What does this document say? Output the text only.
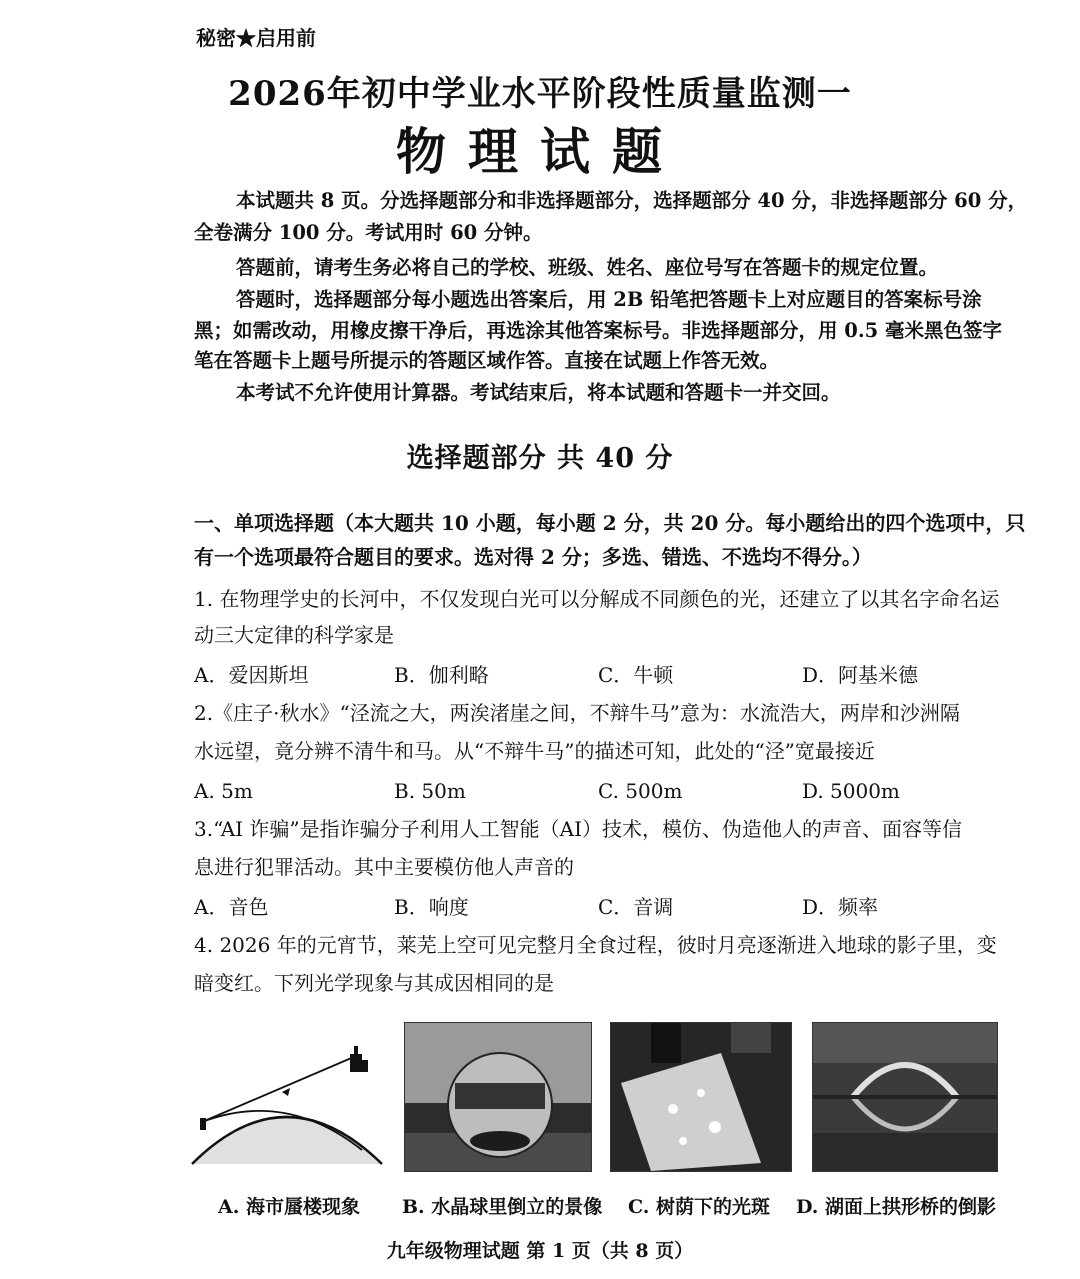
秘密★启用前
2026年初中学业水平阶段性质量监测一
物理试题
本试题共 8 页。分选择题部分和非选择题部分，选择题部分 40 分，非选择题部分 60 分，
全卷满分 100 分。考试用时 60 分钟。
答题前，请考生务必将自己的学校、班级、姓名、座位号写在答题卡的规定位置。
答题时，选择题部分每小题选出答案后，用 2B 铅笔把答题卡上对应题目的答案标号涂
黑；如需改动，用橡皮擦干净后，再选涂其他答案标号。非选择题部分，用 0.5 毫米黑色签字
笔在答题卡上题号所提示的答题区域作答。直接在试题上作答无效。
本考试不允许使用计算器。考试结束后，将本试题和答题卡一并交回。
选择题部分 共 40 分
一、单项选择题（本大题共 10 小题，每小题 2 分，共 20 分。每小题给出的四个选项中，只
有一个选项最符合题目的要求。选对得 2 分；多选、错选、不选均不得分。）
1. 在物理学史的长河中，不仅发现白光可以分解成不同颜色的光，还建立了以其名字命名运
动三大定律的科学家是
A．爱因斯坦	B．伽利略	C．牛顿	D．阿基米德
2.《庄子·秋水》“泾流之大，两涘渚崖之间，不辩牛马”意为：水流浩大，两岸和沙洲隔
水远望，竟分辨不清牛和马。从“不辩牛马”的描述可知，此处的“泾”宽最接近
A. 5m	B. 50m	C. 500m	D. 5000m
3.“AI 诈骗”是指诈骗分子利用人工智能（AI）技术，模仿、伪造他人的声音、面容等信
息进行犯罪活动。其中主要模仿他人声音的
A．音色	B．响度	C．音调	D．频率
4. 2026 年的元宵节，莱芜上空可见完整月全食过程，彼时月亮逐渐进入地球的影子里，变
暗变红。下列光学现象与其成因相同的是
A. 海市蜃楼现象 B. 水晶球里倒立的景像 C. 树荫下的光斑 D. 湖面上拱形桥的倒影
九年级物理试题 第 1 页（共 8 页）
